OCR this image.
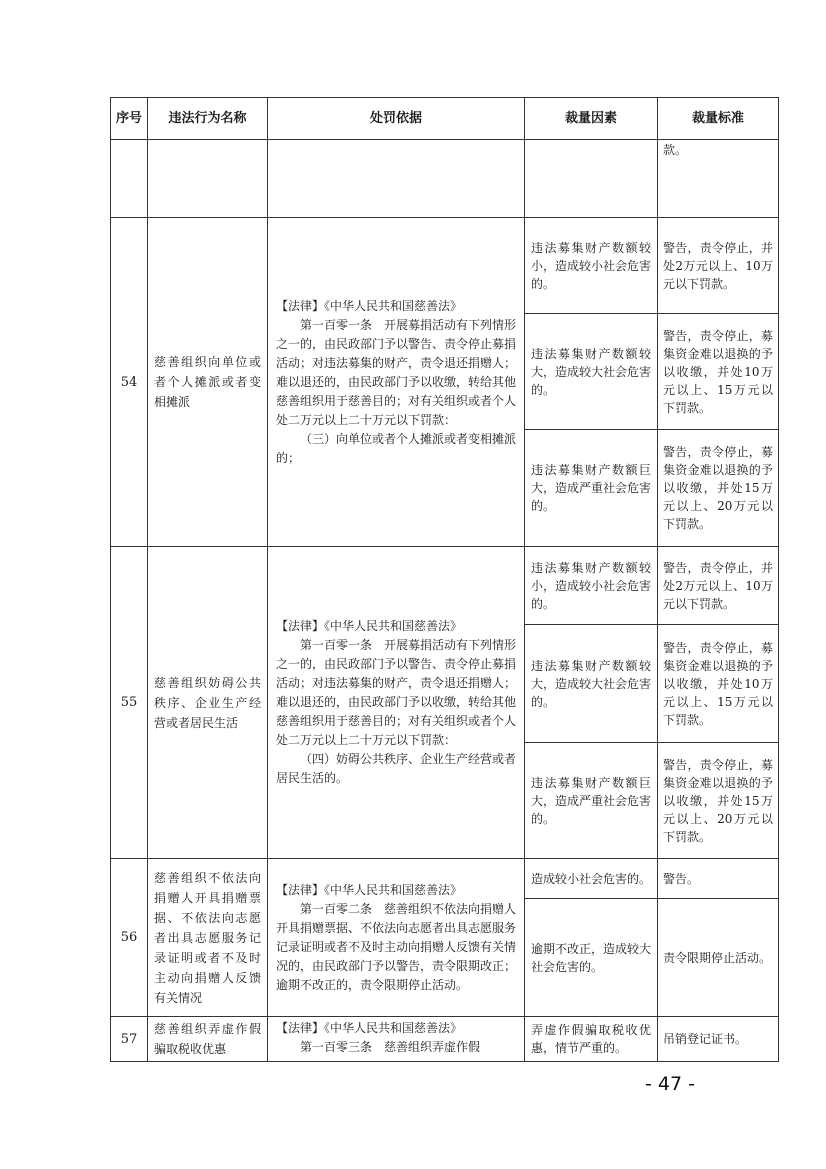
序号	违法行为名称	处罚依据	裁量因素	裁量标准
				款。
54	慈善组织向单位或者个人摊派或者变相摊派	【法律】《中华人民共和国慈善法》

第一百零一条　开展募捐活动有下列情形之一的，由民政部门予以警告、责令停止募捐活动；对违法募集的财产，责令退还捐赠人；难以退还的，由民政部门予以收缴，转给其他慈善组织用于慈善目的；对有关组织或者个人处二万元以上二十万元以下罚款：

（三）向单位或者个人摊派或者变相摊派的；	违法募集财产数额较小，造成较小社会危害的。	警告，责令停止，并处2万元以上、10万元以下罚款。
			违法募集财产数额较大，造成较大社会危害的。	警告，责令停止，募集资金难以退换的予以收缴，并处10万元以上、15万元以下罚款。
			违法募集财产数额巨大，造成严重社会危害的。	警告，责令停止，募集资金难以退换的予以收缴，并处15万元以上、20万元以下罚款。
55	慈善组织妨碍公共秩序、企业生产经营或者居民生活	【法律】《中华人民共和国慈善法》

第一百零一条　开展募捐活动有下列情形之一的，由民政部门予以警告、责令停止募捐活动；对违法募集的财产，责令退还捐赠人；难以退还的，由民政部门予以收缴，转给其他慈善组织用于慈善目的；对有关组织或者个人处二万元以上二十万元以下罚款：

（四）妨碍公共秩序、企业生产经营或者居民生活的。	违法募集财产数额较小，造成较小社会危害的。	警告，责令停止，并处2万元以上、10万元以下罚款。
			违法募集财产数额较大，造成较大社会危害的。	警告，责令停止，募集资金难以退换的予以收缴，并处10万元以上、15万元以下罚款。
			违法募集财产数额巨大，造成严重社会危害的。	警告，责令停止，募集资金难以退换的予以收缴，并处15万元以上、20万元以下罚款。
56	慈善组织不依法向捐赠人开具捐赠票据、不依法向志愿者出具志愿服务记录证明或者不及时主动向捐赠人反馈有关情况	【法律】《中华人民共和国慈善法》

第一百零二条　慈善组织不依法向捐赠人开具捐赠票据、不依法向志愿者出具志愿服务记录证明或者不及时主动向捐赠人反馈有关情况的，由民政部门予以警告，责令限期改正；逾期不改正的，责令限期停止活动。	造成较小社会危害的。	警告。
			逾期不改正，造成较大社会危害的。	责令限期停止活动。
57	慈善组织弄虚作假骗取税收优惠	【法律】《中华人民共和国慈善法》

第一百零三条　慈善组织弄虚作假	弄虚作假骗取税收优惠，情节严重的。	吊销登记证书。
- 47 -
